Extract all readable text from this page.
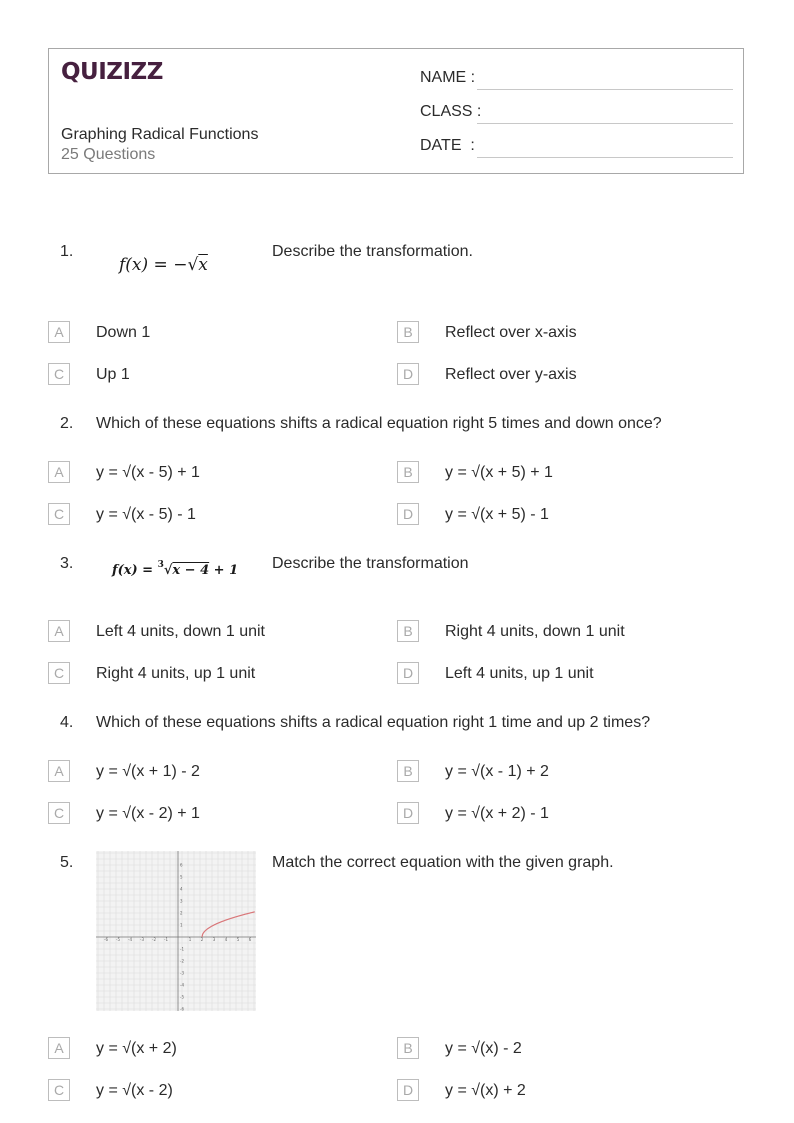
QUIZIZZ
Graphing Radical Functions
25 Questions
NAME :
CLASS :
DATE  :
1.
f(x) = −√x
Describe the transformation.
A	Down 1	B	Reflect over x-axis
C	Up 1	D	Reflect over y-axis
2. Which of these equations shifts a radical equation right 5 times and down once?
A	y = √(x - 5) + 1	B	y = √(x + 5) + 1
C	y = √(x - 5) - 1	D	y = √(x + 5) - 1
3.	f(x) = $^3$√x − 4 + 1 Describe the transformation
A	Left 4 units, down 1 unit	B	Right 4 units, down 1 unit
C	Right 4 units, up 1 unit	D	Left 4 units, up 1 unit
4. Which of these equations shifts a radical equation right 1 time and up 2 times?
A	y = √(x + 1) - 2	B	y = √(x - 1) + 2
C	y = √(x - 2) + 1	D	y = √(x + 2) - 1
5.
-6 -5 -4 -3 -2 -1	1 2 3 4 5 6
6
5
4
3
2
1
-1
-2
-3
-4
-5
-6
Match the correct equation with the given graph.
A	y = √(x + 2)	B	y = √(x) - 2
C	y = √(x - 2)	D	y = √(x) + 2
